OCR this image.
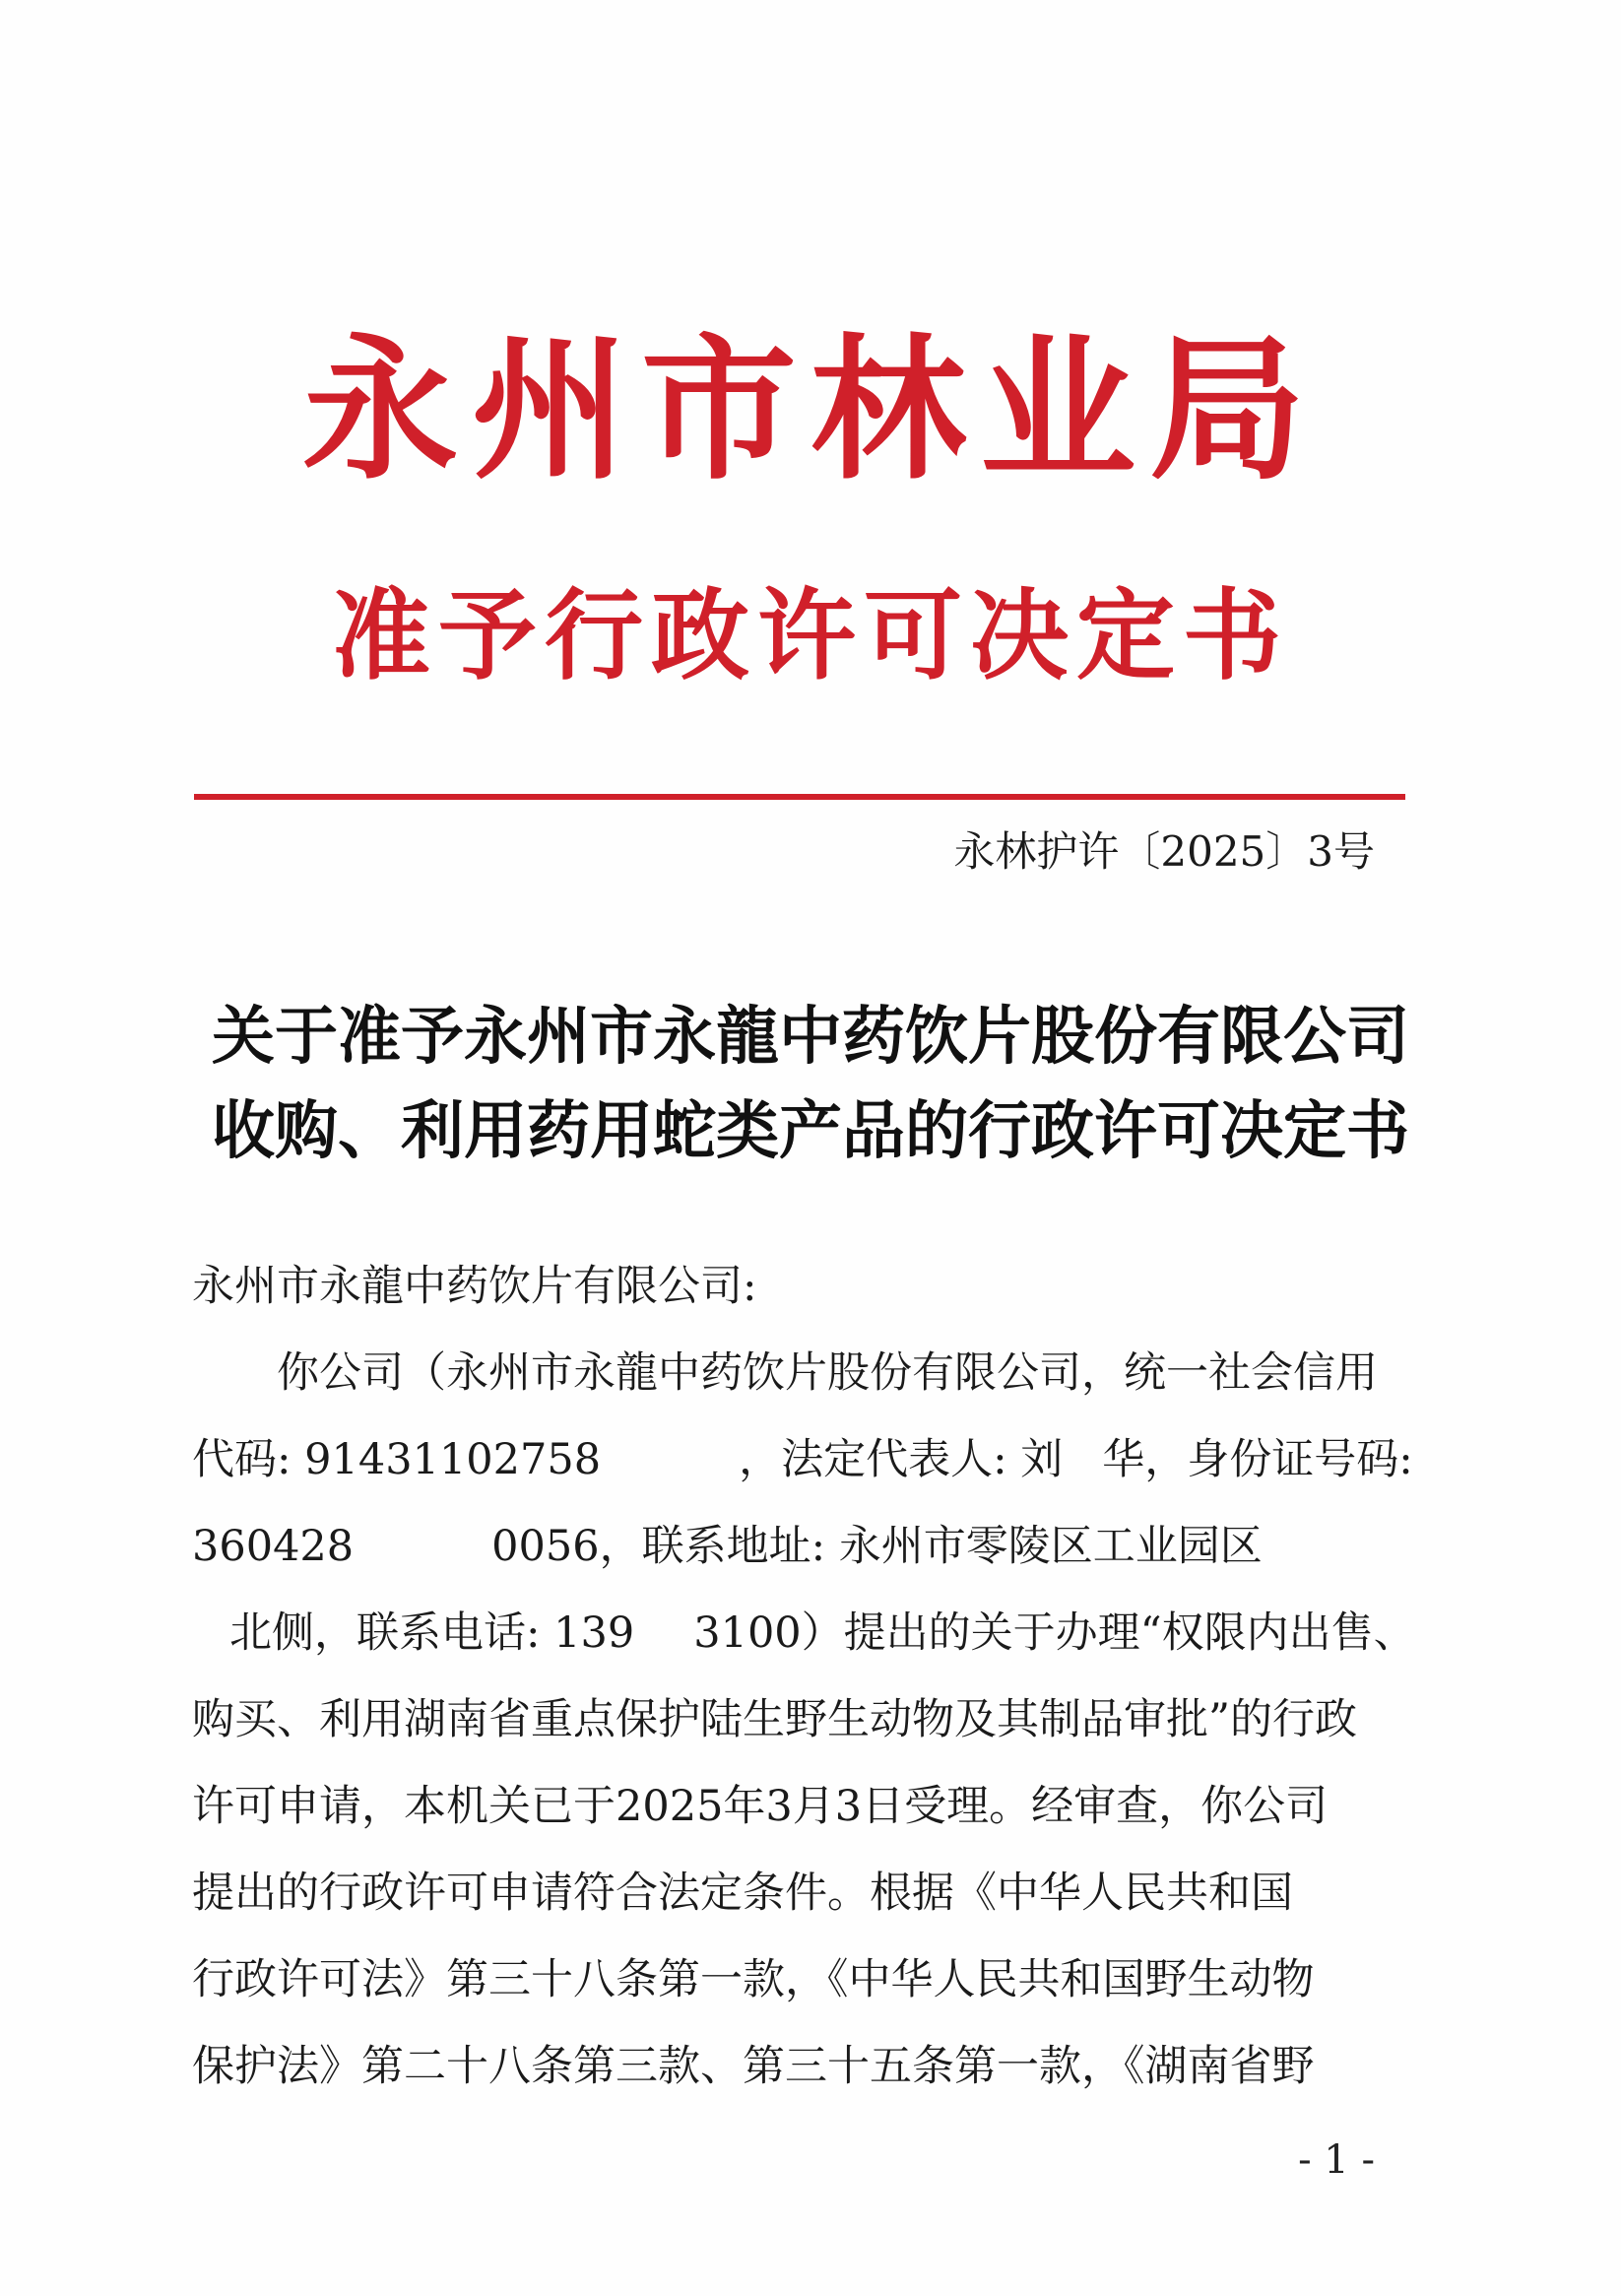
永州市林业局
准予行政许可决定书
永林护许〔2025〕3号
关于准予永州市永龍中药饮片股份有限公司
收购、利用药用蛇类产品的行政许可决定书
永州市永龍中药饮片有限公司:
你公司（永州市永龍中药饮片股份有限公司，统一社会信用
代码: 91431102758	，法定代表人: 刘 华，身份证号码:
360428	0056，联系地址: 永州市零陵区工业园区
北侧，联系电话: 139 3100）提出的关于办理“权限内出售、
购买、利用湖南省重点保护陆生野生动物及其制品审批”的行政
许可申请，本机关已于2025年3月3日受理。经审查，你公司
提出的行政许可申请符合法定条件。根据《中华人民共和国
行政许可法》第三十八条第一款，《中华人民共和国野生动物
保护法》第二十八条第三款、第三十五条第一款，《湖南省野
- 1 -
